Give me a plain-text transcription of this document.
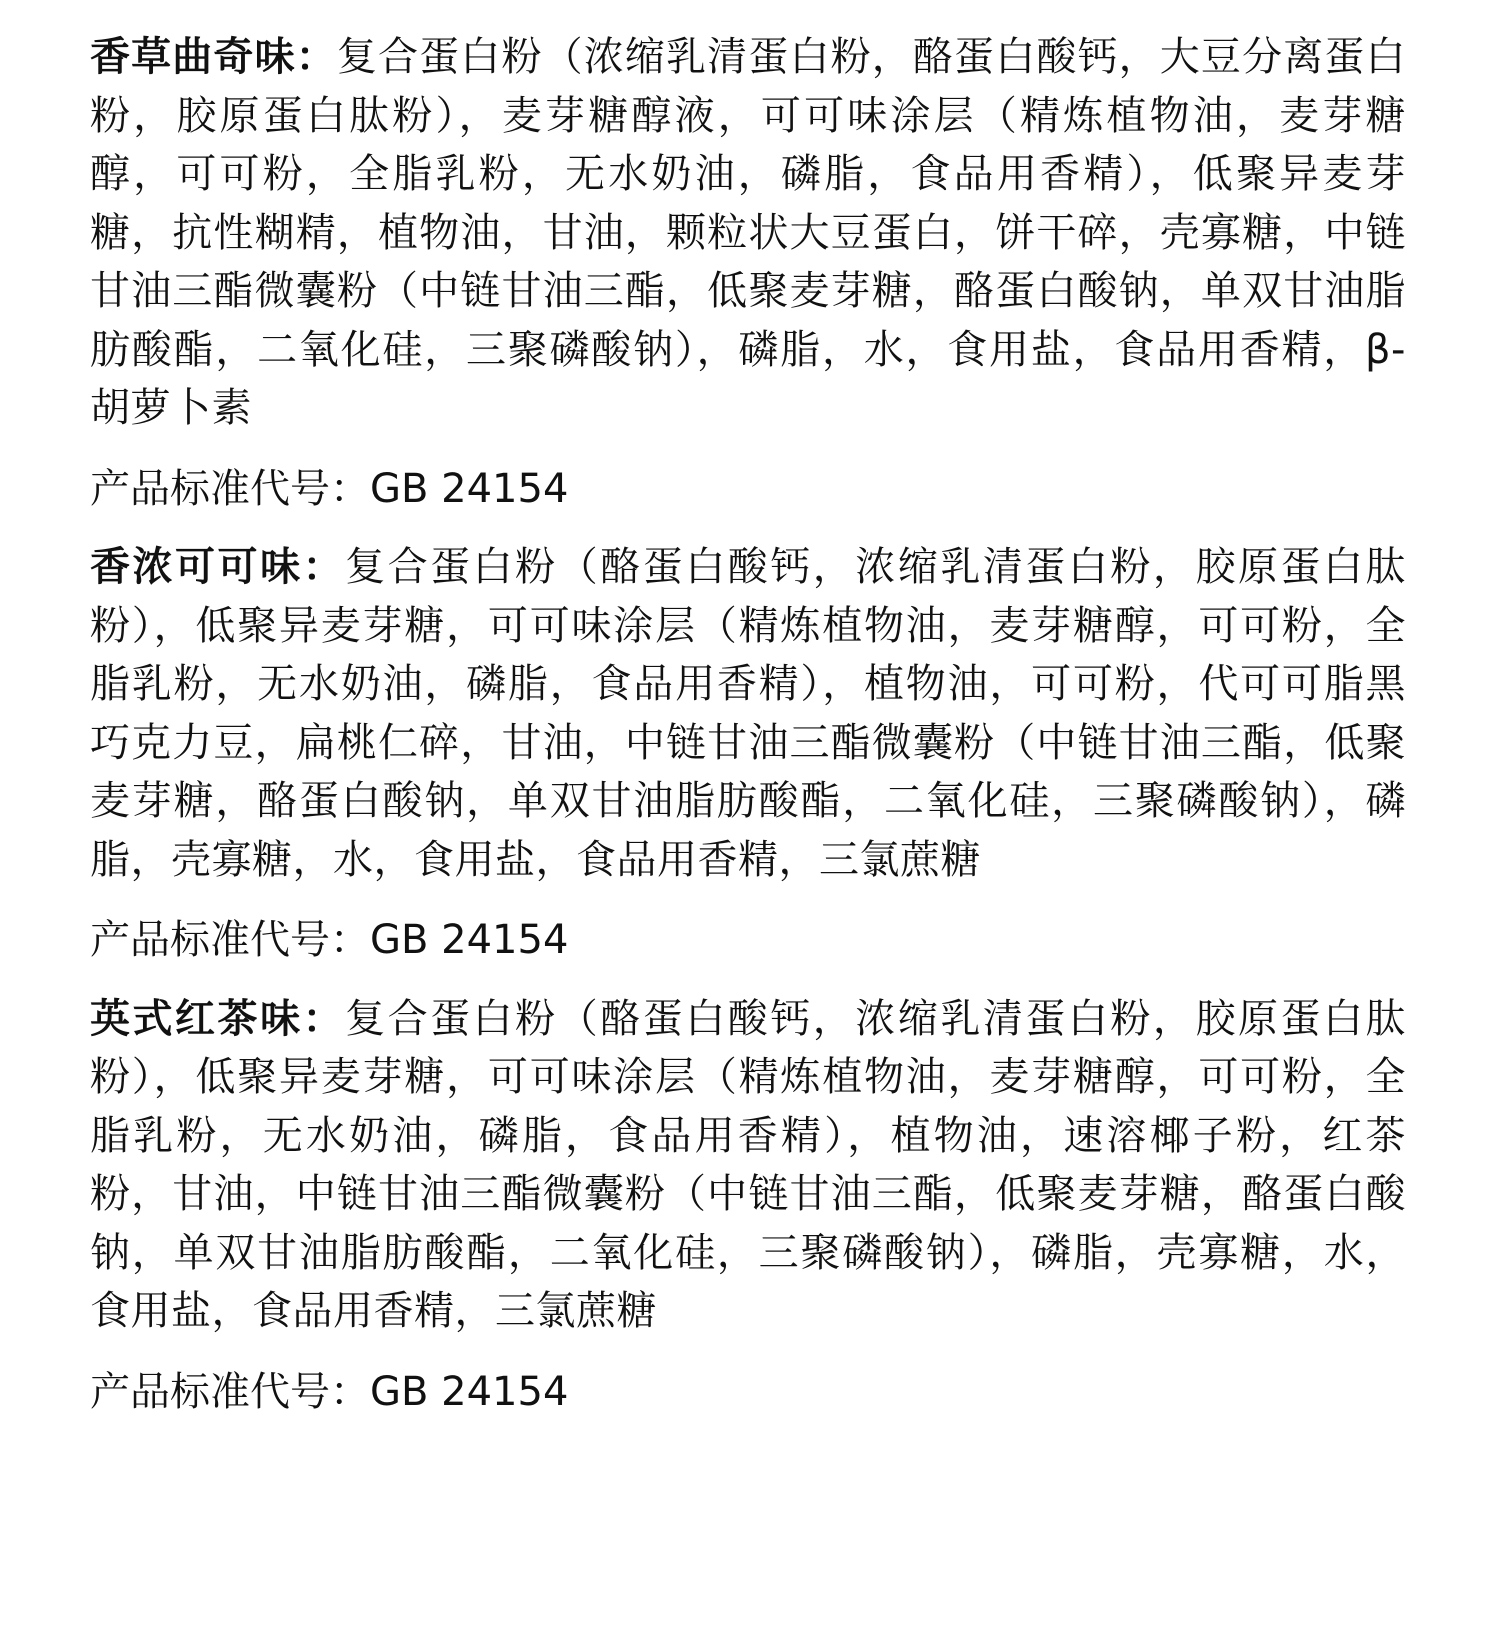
香草曲奇味：复合蛋白粉（浓缩乳清蛋白粉，酪蛋白酸钙，大豆分离蛋白粉，胶原蛋白肽粉），麦芽糖醇液，可可味涂层（精炼植物油，麦芽糖醇，可可粉，全脂乳粉，无水奶油，磷脂，食品用香精），低聚异麦芽糖，抗性糊精，植物油，甘油，颗粒状大豆蛋白，饼干碎，壳寡糖，中链甘油三酯微囊粉（中链甘油三酯，低聚麦芽糖，酪蛋白酸钠，单双甘油脂肪酸酯，二氧化硅，三聚磷酸钠），磷脂，水，食用盐，食品用香精，β-胡萝卜素

产品标准代号：GB 24154

香浓可可味：复合蛋白粉（酪蛋白酸钙，浓缩乳清蛋白粉，胶原蛋白肽粉），低聚异麦芽糖，可可味涂层（精炼植物油，麦芽糖醇，可可粉，全脂乳粉，无水奶油，磷脂，食品用香精），植物油，可可粉，代可可脂黑巧克力豆，扁桃仁碎，甘油，中链甘油三酯微囊粉（中链甘油三酯，低聚麦芽糖，酪蛋白酸钠，单双甘油脂肪酸酯，二氧化硅，三聚磷酸钠），磷脂，壳寡糖，水，食用盐，食品用香精，三氯蔗糖

产品标准代号：GB 24154

英式红茶味：复合蛋白粉（酪蛋白酸钙，浓缩乳清蛋白粉，胶原蛋白肽粉），低聚异麦芽糖，可可味涂层（精炼植物油，麦芽糖醇，可可粉，全脂乳粉，无水奶油，磷脂，食品用香精），植物油，速溶椰子粉，红茶粉，甘油，中链甘油三酯微囊粉（中链甘油三酯，低聚麦芽糖，酪蛋白酸钠，单双甘油脂肪酸酯，二氧化硅，三聚磷酸钠），磷脂，壳寡糖，水，食用盐，食品用香精，三氯蔗糖

产品标准代号：GB 24154
